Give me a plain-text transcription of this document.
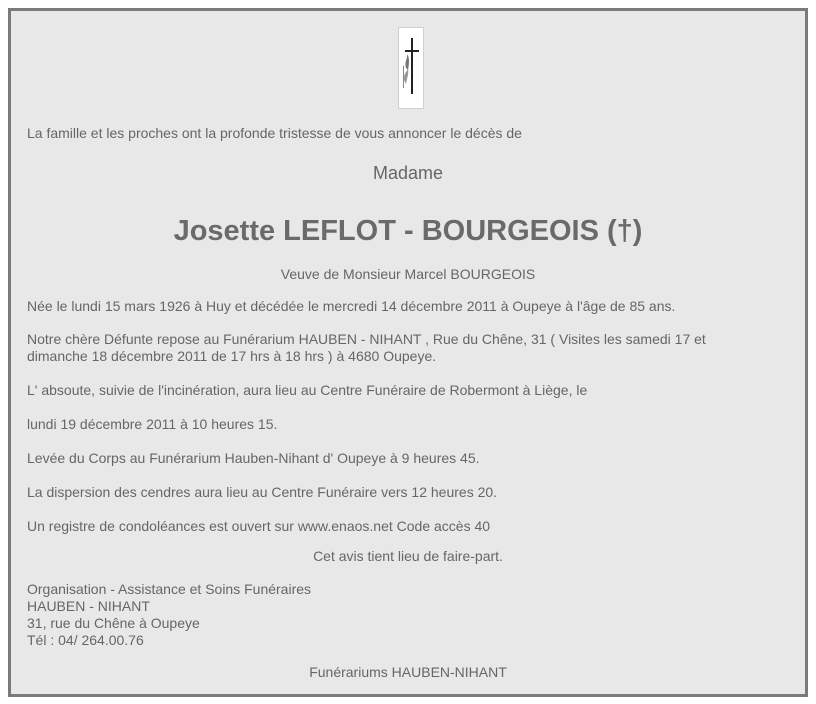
La famille et les proches ont la profonde tristesse de vous annoncer le décès de
Madame
Josette LEFLOT - BOURGEOIS (†)
Veuve de Monsieur Marcel BOURGEOIS
Née le lundi 15 mars 1926 à Huy et décédée le mercredi 14 décembre 2011 à Oupeye à l'âge de 85 ans.
Notre chère Défunte repose au Funérarium HAUBEN - NIHANT , Rue du Chêne, 31 ( Visites les samedi 17 et
dimanche 18 décembre 2011 de 17 hrs à 18 hrs ) à 4680 Oupeye.
L' absoute, suivie de l'incinération, aura lieu au Centre Funéraire de Robermont à Liège, le
lundi 19 décembre 2011 à 10 heures 15.
Levée du Corps au Funérarium Hauben-Nihant d' Oupeye à 9 heures 45.
La dispersion des cendres aura lieu au Centre Funéraire vers 12 heures 20.
Un registre de condoléances est ouvert sur www.enaos.net Code accès 40
Cet avis tient lieu de faire-part.
Organisation - Assistance et Soins Funéraires
HAUBEN - NIHANT
31, rue du Chêne à Oupeye
Tél : 04/ 264.00.76
Funérariums HAUBEN-NIHANT
